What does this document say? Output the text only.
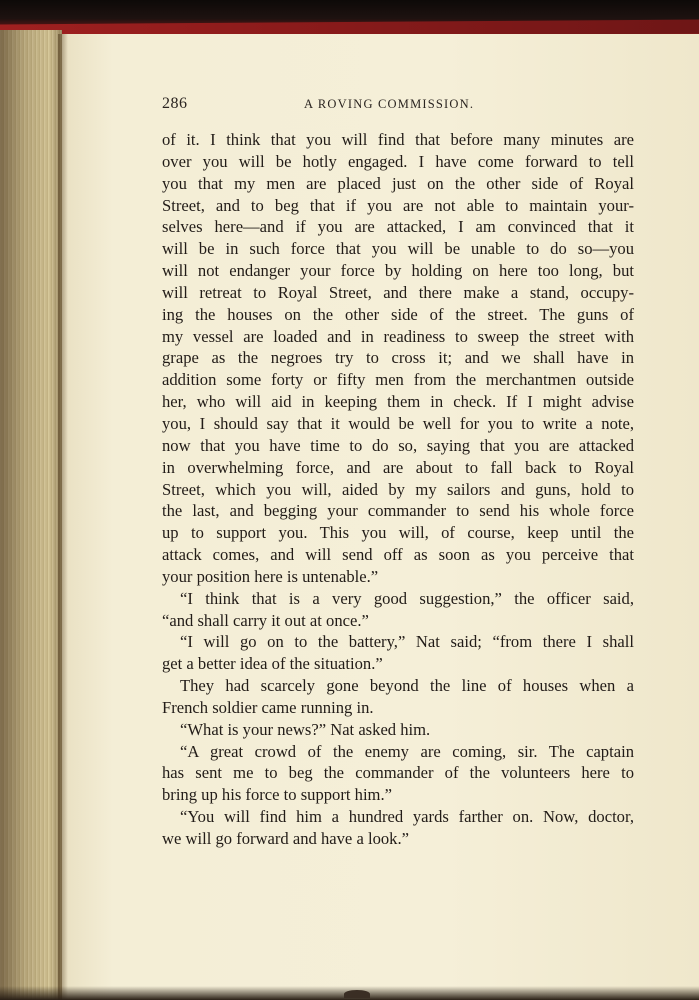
286	A ROVING COMMISSION.
of it. I think that you will find that before many minutes are
over you will be hotly engaged. I have come forward to tell
you that my men are placed just on the other side of Royal
Street, and to beg that if you are not able to maintain your-
selves here—and if you are attacked, I am convinced that it
will be in such force that you will be unable to do so—you
will not endanger your force by holding on here too long, but
will retreat to Royal Street, and there make a stand, occupy-
ing the houses on the other side of the street. The guns of
my vessel are loaded and in readiness to sweep the street with
grape as the negroes try to cross it; and we shall have in
addition some forty or fifty men from the merchantmen outside
her, who will aid in keeping them in check. If I might advise
you, I should say that it would be well for you to write a note,
now that you have time to do so, saying that you are attacked
in overwhelming force, and are about to fall back to Royal
Street, which you will, aided by my sailors and guns, hold to
the last, and begging your commander to send his whole force
up to support you. This you will, of course, keep until the
attack comes, and will send off as soon as you perceive that
your position here is untenable.”
“I think that is a very good suggestion,” the officer said,
“and shall carry it out at once.”
“I will go on to the battery,” Nat said; “from there I shall
get a better idea of the situation.”
They had scarcely gone beyond the line of houses when a
French soldier came running in.
“What is your news?” Nat asked him.
“A great crowd of the enemy are coming, sir. The captain
has sent me to beg the commander of the volunteers here to
bring up his force to support him.”
“You will find him a hundred yards farther on. Now, doctor,
we will go forward and have a look.”
